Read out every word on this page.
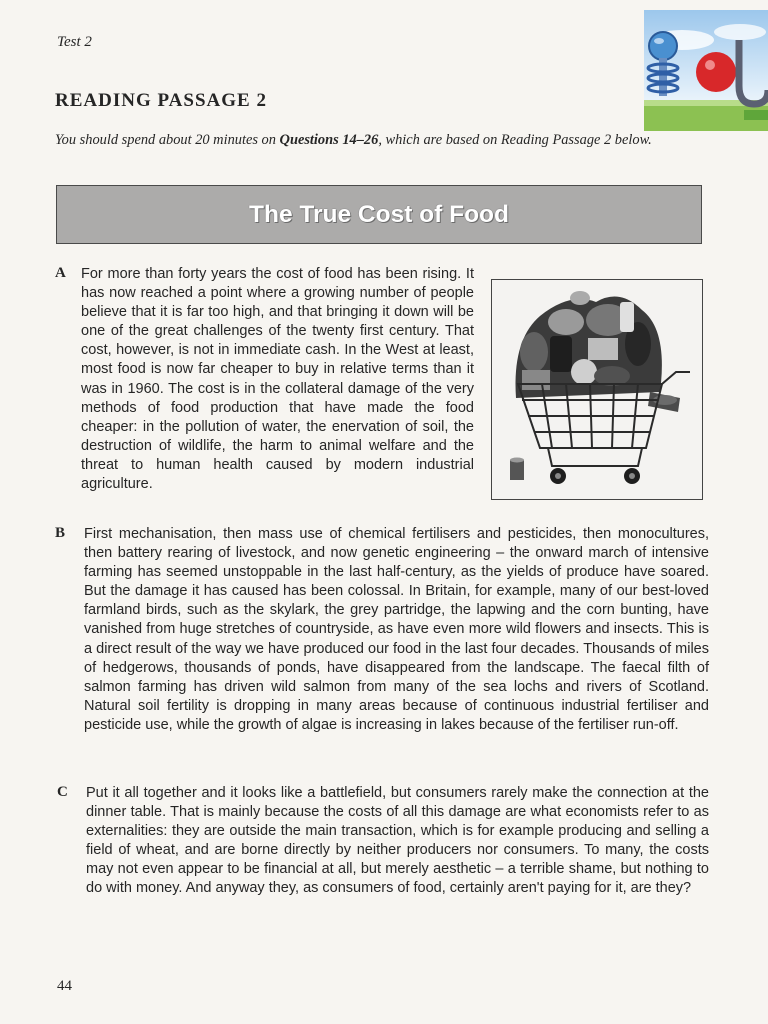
Test 2
READING PASSAGE 2
You should spend about 20 minutes on Questions 14–26, which are based on Reading Passage 2 below.
The True Cost of Food
A For more than forty years the cost of food has been rising. It has now reached a point where a growing number of people believe that it is far too high, and that bringing it down will be one of the great challenges of the twenty first century. That cost, however, is not in immediate cash. In the West at least, most food is now far cheaper to buy in relative terms than it was in 1960. The cost is in the collateral damage of the very methods of food production that have made the food cheaper: in the pollution of water, the enervation of soil, the destruction of wildlife, the harm to animal welfare and the threat to human health caused by modern industrial agriculture.

B First mechanisation, then mass use of chemical fertilisers and pesticides, then monocultures, then battery rearing of livestock, and now genetic engineering – the onward march of intensive farming has seemed unstoppable in the last half-century, as the yields of produce have soared. But the damage it has caused has been colossal. In Britain, for example, many of our best-loved farmland birds, such as the skylark, the grey partridge, the lapwing and the corn bunting, have vanished from huge stretches of countryside, as have even more wild flowers and insects. This is a direct result of the way we have produced our food in the last four decades. Thousands of miles of hedgerows, thousands of ponds, have disappeared from the landscape. The faecal filth of salmon farming has driven wild salmon from many of the sea lochs and rivers of Scotland. Natural soil fertility is dropping in many areas because of continuous industrial fertiliser and pesticide use, while the growth of algae is increasing in lakes because of the fertiliser run-off.

C Put it all together and it looks like a battlefield, but consumers rarely make the connection at the dinner table. That is mainly because the costs of all this damage are what economists refer to as externalities: they are outside the main transaction, which is for example producing and selling a field of wheat, and are borne directly by neither producers nor consumers. To many, the costs may not even appear to be financial at all, but merely aesthetic – a terrible shame, but nothing to do with money. And anyway they, as consumers of food, certainly aren't paying for it, are they?

44
